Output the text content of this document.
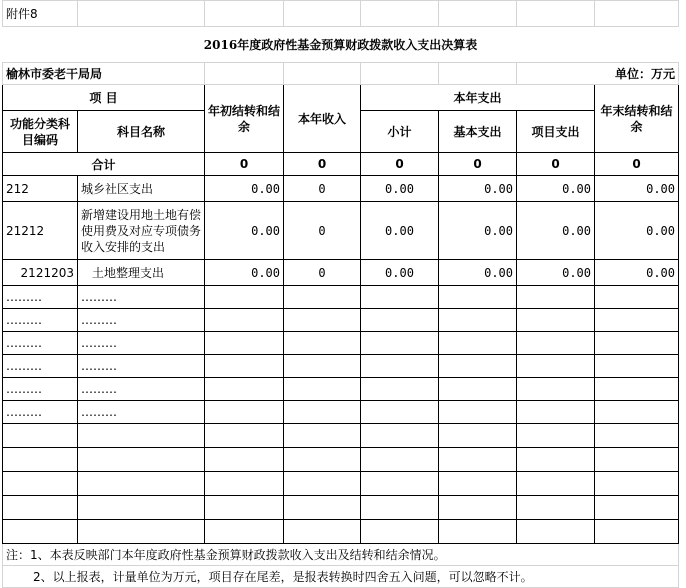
附件8							
2016年度政府性基金预算财政拨款收入支出决算表							
榆林市委老干局局						单位：万元	
项 目		年初结转和结余	本年收入	本年支出			年末结转和结余
功能分类科目编码	科目名称			小计	基本支出	项目支出	
合计		0	0	0	0	0	0
212	城乡社区支出	0.00	0	0.00	0.00	0.00	0.00
21212	新增建设用地土地有偿使用费及对应专项债务收入安排的支出	0.00	0	0.00	0.00	0.00	0.00
2121203	土地整理支出	0.00	0	0.00	0.00	0.00	0.00
………	………						
………	………						
………	………						
………	………						
………	………						
………	………						

注：1、本表反映部门本年度政府性基金预算财政拨款收入支出及结转和结余情况。							
2、以上报表，计量单位为万元，项目存在尾差，是报表转换时四舍五入问题，可以忽略不计。							
